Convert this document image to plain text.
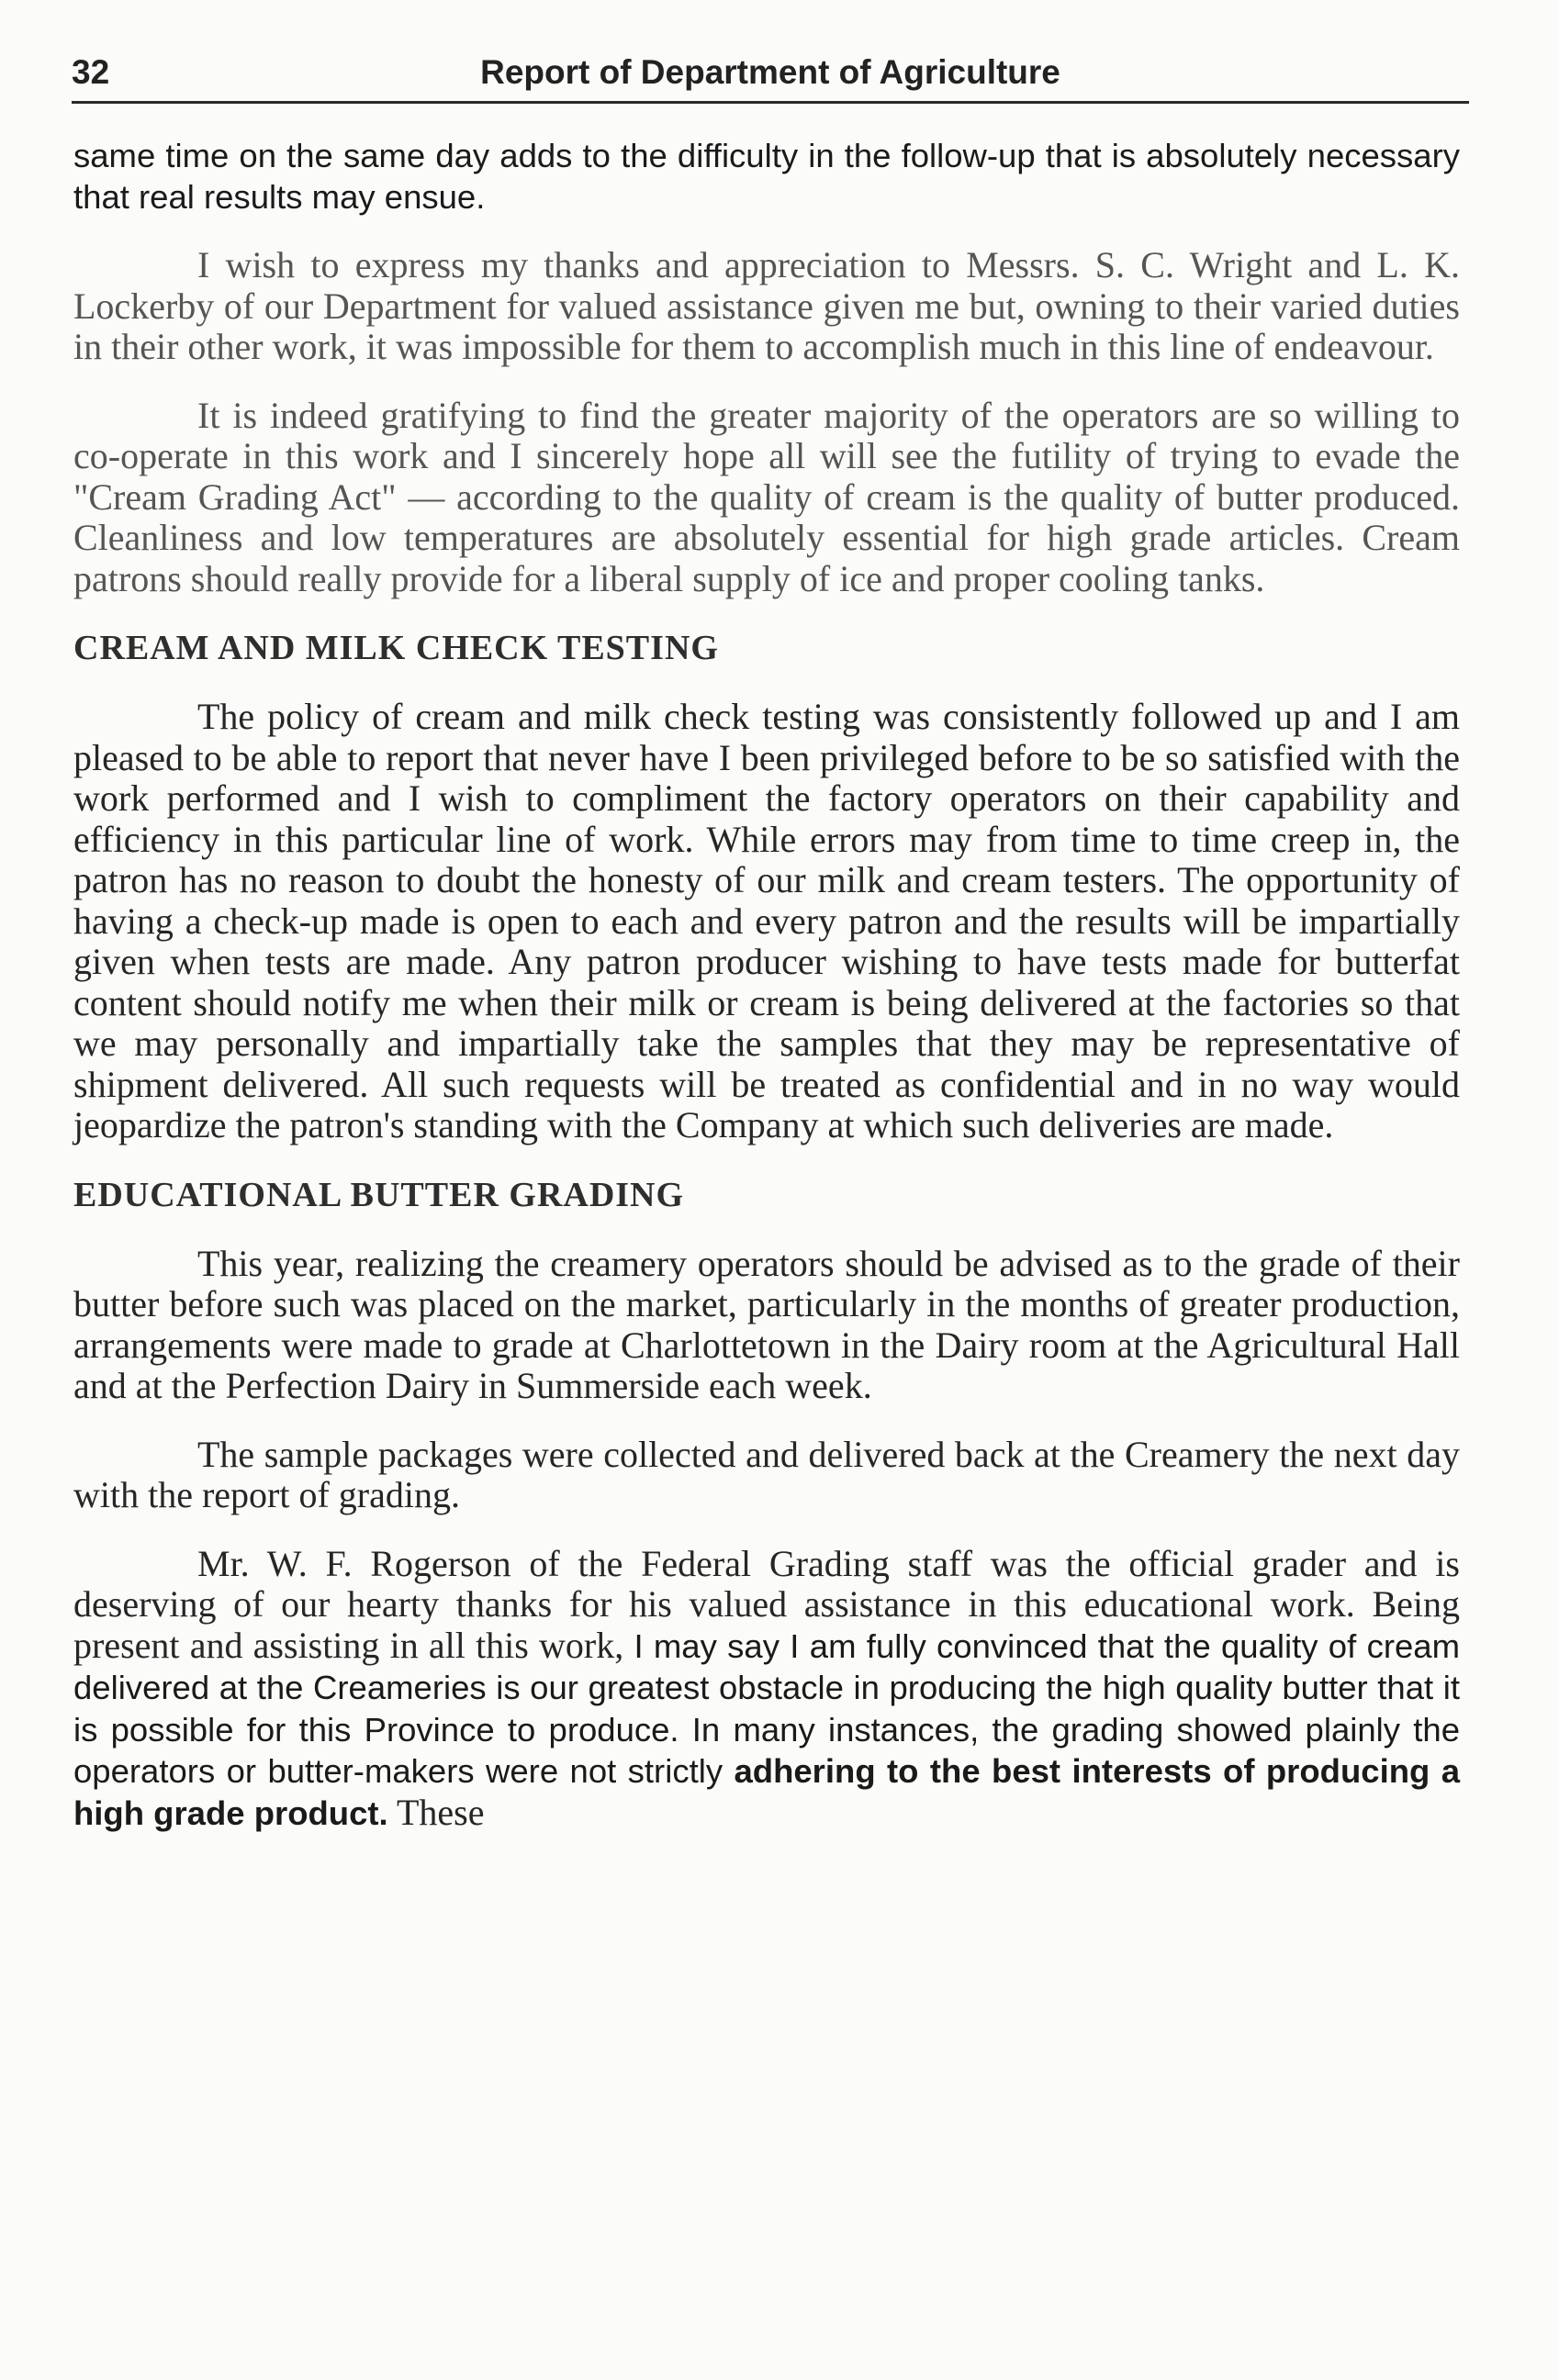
32	Report of Department of Agriculture

same time on the same day adds to the difficulty in the follow-up that is absolutely necessary that real results may ensue.

I wish to express my thanks and appreciation to Messrs. S. C. Wright and L. K. Lockerby of our Department for valued assistance given me but, owning to their varied duties in their other work, it was impossible for them to accomplish much in this line of endeavour.

It is indeed gratifying to find the greater majority of the operators are so willing to co-operate in this work and I sincerely hope all will see the futility of trying to evade the "Cream Grading Act" — according to the quality of cream is the quality of butter produced. Cleanliness and low temperatures are absolutely essential for high grade articles. Cream patrons should really provide for a liberal supply of ice and proper cooling tanks.

CREAM AND MILK CHECK TESTING

The policy of cream and milk check testing was consistently followed up and I am pleased to be able to report that never have I been privileged before to be so satisfied with the work performed and I wish to compliment the factory operators on their capability and efficiency in this particular line of work. While errors may from time to time creep in, the patron has no reason to doubt the honesty of our milk and cream testers. The opportunity of having a check-up made is open to each and every patron and the results will be impartially given when tests are made. Any patron producer wishing to have tests made for butterfat content should notify me when their milk or cream is being delivered at the factories so that we may personally and impartially take the samples that they may be representative of shipment delivered. All such requests will be treated as confidential and in no way would jeopardize the patron's standing with the Company at which such deliveries are made.

EDUCATIONAL BUTTER GRADING

This year, realizing the creamery operators should be advised as to the grade of their butter before such was placed on the market, particularly in the months of greater production, arrangements were made to grade at Charlottetown in the Dairy room at the Agricultural Hall and at the Perfection Dairy in Summerside each week.

The sample packages were collected and delivered back at the Creamery the next day with the report of grading.

Mr. W. F. Rogerson of the Federal Grading staff was the official grader and is deserving of our hearty thanks for his valued assistance in this educational work. Being present and assisting in all this work, I may say I am fully convinced that the quality of cream delivered at the Creameries is our greatest obstacle in producing the high quality butter that it is possible for this Province to produce. In many instances, the grading showed plainly the operators or butter-makers were not strictly adhering to the best interests of producing a high grade product. These
